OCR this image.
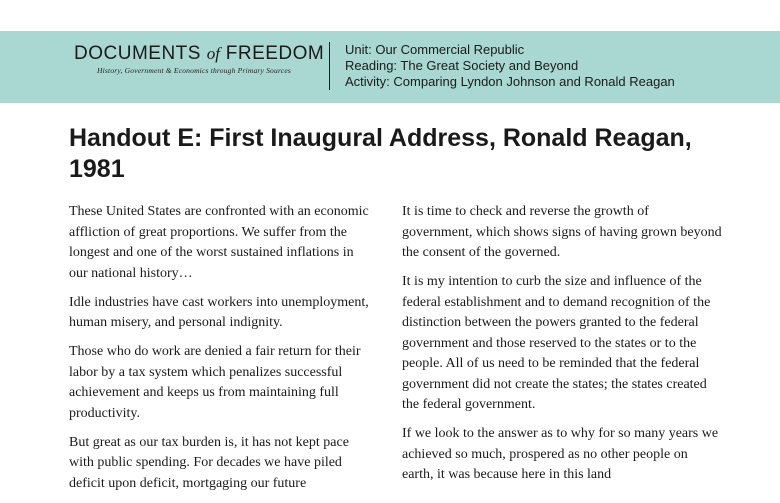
DOCUMENTS of FREEDOM
History, Government & Economics through Primary Sources
Unit: Our Commercial Republic
Reading: The Great Society and Beyond
Activity: Comparing Lyndon Johnson and Ronald Reagan
Handout E: First Inaugural Address, Ronald Reagan, 1981

These United States are confronted with an economic affliction of great proportions. We suffer from the longest and one of the worst sustained inflations in our national history…

Idle industries have cast workers into unemployment, human misery, and personal indignity.

Those who do work are denied a fair return for their labor by a tax system which penalizes successful achievement and keeps us from maintaining full productivity.

But great as our tax burden is, it has not kept pace with public spending. For decades we have piled deficit upon deficit, mortgaging our future

It is time to check and reverse the growth of government, which shows signs of having grown beyond the consent of the governed.

It is my intention to curb the size and influence of the federal establishment and to demand recognition of the distinction between the powers granted to the federal government and those reserved to the states or to the people. All of us need to be reminded that the federal government did not create the states; the states created the federal government.

If we look to the answer as to why for so many years we achieved so much, prospered as no other people on earth, it was because here in this land
